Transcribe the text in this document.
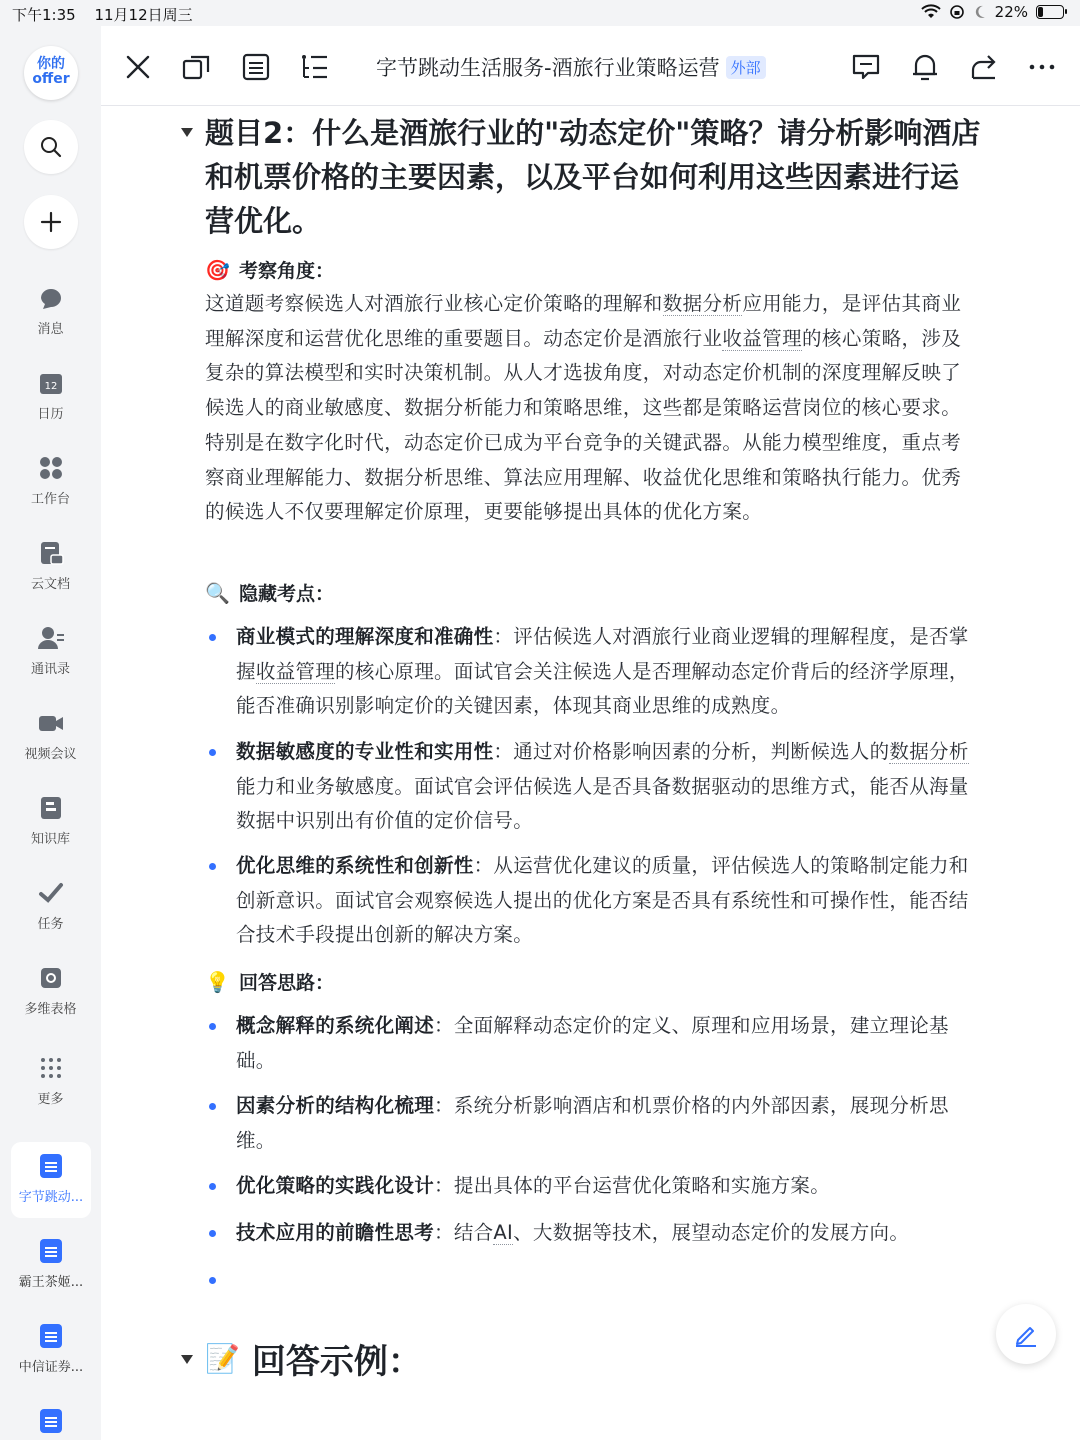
下午1:35 11月12日周三	22%
你的
offer
消息
12
日历
工作台
云文档
通讯录
视频会议
知识库
任务
多维表格
更多
字节跳动...
霸王茶姬...
中信证券...
字节跳动生活服务-酒旅行业策略运营 外部
题目2：什么是酒旅行业的"动态定价"策略？请分析影响酒店和机票价格的主要因素，以及平台如何利用这些因素进行运营优化。
🎯 考察角度：
这道题考察候选人对酒旅行业核心定价策略的理解和数据分析应用能力，是评估其商业理解深度和运营优化思维的重要题目。动态定价是酒旅行业收益管理的核心策略，涉及复杂的算法模型和实时决策机制。从人才选拔角度，对动态定价机制的深度理解反映了候选人的商业敏感度、数据分析能力和策略思维，这些都是策略运营岗位的核心要求。特别是在数字化时代，动态定价已成为平台竞争的关键武器。从能力模型维度，重点考察商业理解能力、数据分析思维、算法应用理解、收益优化思维和策略执行能力。优秀的候选人不仅要理解定价原理，更要能够提出具体的优化方案。
🔍 隐藏考点：
商业模式的理解深度和准确性：评估候选人对酒旅行业商业逻辑的理解程度，是否掌握收益管理的核心原理。面试官会关注候选人是否理解动态定价背后的经济学原理，能否准确识别影响定价的关键因素，体现其商业思维的成熟度。
数据敏感度的专业性和实用性：通过对价格影响因素的分析，判断候选人的数据分析能力和业务敏感度。面试官会评估候选人是否具备数据驱动的思维方式，能否从海量数据中识别出有价值的定价信号。
优化思维的系统性和创新性：从运营优化建议的质量，评估候选人的策略制定能力和创新意识。面试官会观察候选人提出的优化方案是否具有系统性和可操作性，能否结合技术手段提出创新的解决方案。
💡 回答思路：
概念解释的系统化阐述：全面解释动态定价的定义、原理和应用场景，建立理论基础。
因素分析的结构化梳理：系统分析影响酒店和机票价格的内外部因素，展现分析思维。
优化策略的实践化设计：提出具体的平台运营优化策略和实施方案。
技术应用的前瞻性思考：结合AI、大数据等技术，展望动态定价的发展方向。
📝 回答示例：
